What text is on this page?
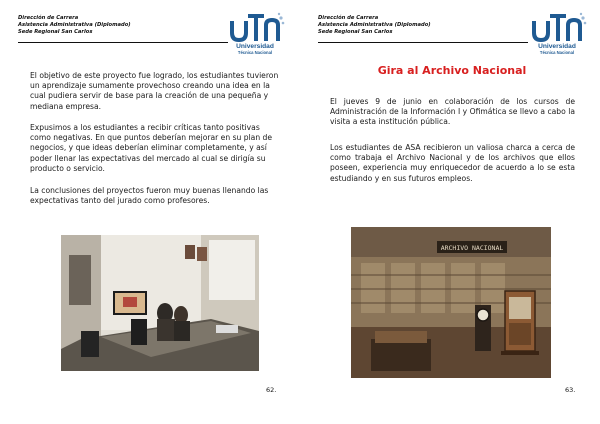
Dirección de Carrera
Asistencia Administrativa (Diplomado)
Sede Regional San Carlos
Universidad
Técnica Nacional

El objetivo de este proyecto fue logrado, los estudiantes tuvieron un aprendizaje sumamente provechoso creando una idea en la cual pudiera servir de base para la creación de una pequeña y mediana empresa.

Expusimos a los estudiantes a recibir críticas tanto positivas como negativas. En que puntos deberían mejorar en su plan de negocios, y que ideas deberían eliminar completamente, y así poder llenar las expectativas del mercado al cual se dirigía su producto o servicio.

La conclusiones del proyectos fueron muy buenas llenando las expectativas tanto del jurado como profesores.

62.
Dirección de Carrera
Asistencia Administrativa (Diplomado)
Sede Regional San Carlos
Universidad
Técnica Nacional
Gira al Archivo Nacional

El jueves 9 de junio en colaboración de los cursos de Administración de la Información I y Ofimática se llevo a cabo la visita a esta institución pública.

Los estudiantes de ASA recibieron un valiosa charca a cerca de como trabaja el Archivo Nacional y de los archivos que ellos poseen, experiencia muy enriquecedor de acuerdo a lo se esta estudiando y en sus futuros empleos.

ARCHIVO NACIONAL
63.
